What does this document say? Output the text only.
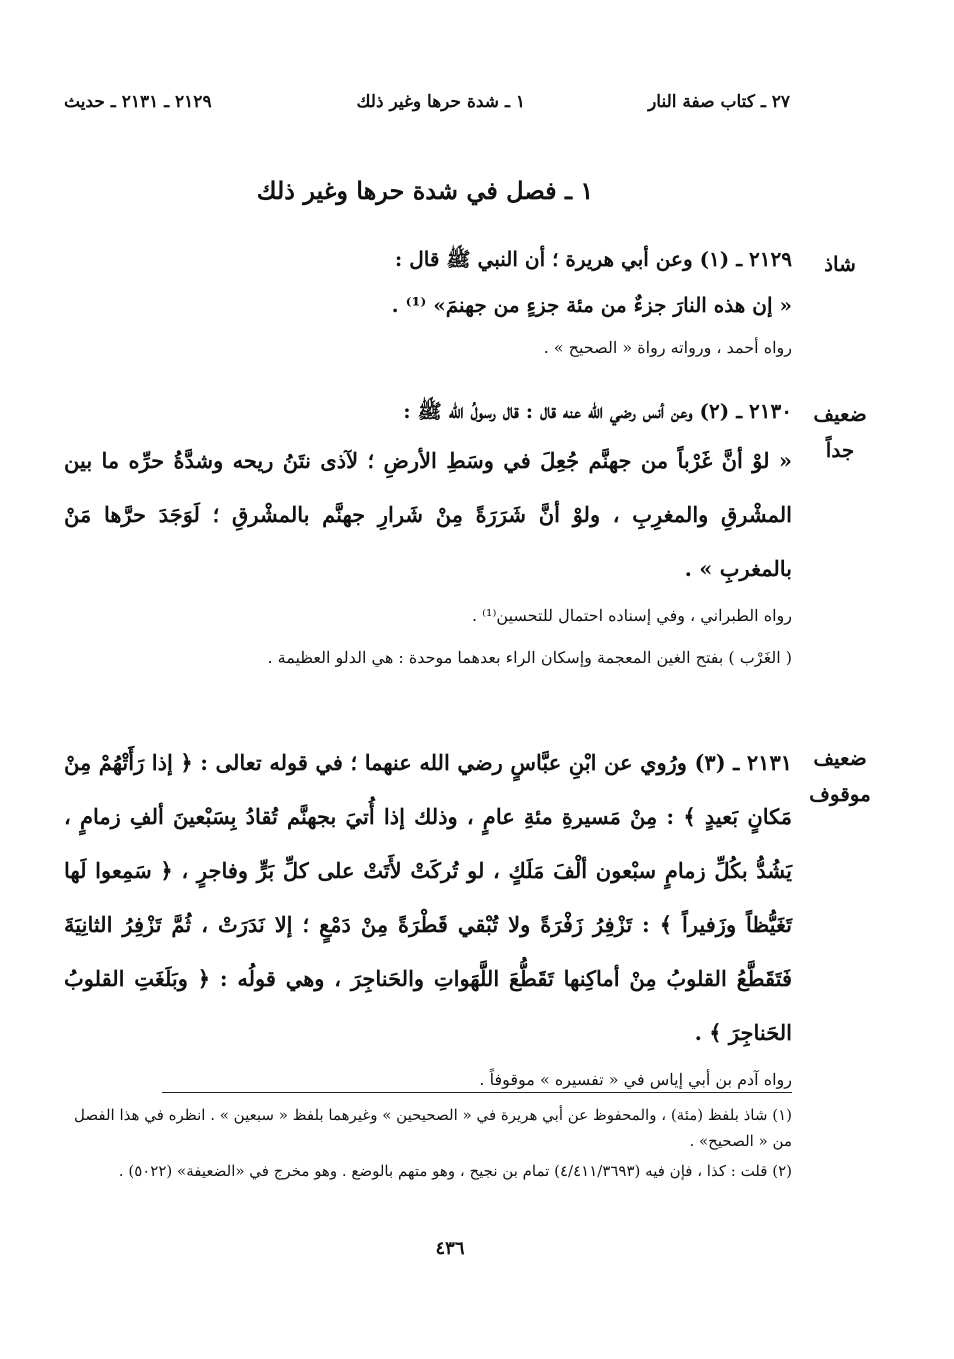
٢٧ ـ كتاب صفة النار
١ ـ شدة حرها وغير ذلك
٢١٢٩ ـ ٢١٣١ ـ حديث
١ ـ فصل في شدة حرها وغير ذلك
شاذ

٢١٢٩ ـ (١) وعن أبي هريرة ؛ أن النبي ﷺ قال :

« إن هذه النارَ جزءٌ من مئة جزءٍ من جهنمَ» ⁽¹⁾ .

رواه أحمد ، ورواته رواة « الصحيح » .

ضعيف
جداً

٢١٣٠ ـ (٢) وعن أنس رضي الله عنه قال : قال رسولُ الله ﷺ :

« لوْ أنَّ غَرْباً من جهنَّم جُعِلَ في وسَطِ الأرضِ ؛ لآذى نتَنُ ريحه وشدَّةُ حرِّه ما بين المشْرقِ والمغرِبِ ، ولوْ أنَّ شَرَرَةً مِنْ شَرارِ جهنَّم بالمشْرقِ ؛ لَوَجَدَ حرَّها مَنْ بالمغربِ » .

رواه الطبراني ، وفي إسناده احتمال للتحسين⁽¹⁾ .

( الغَرْب ) بفتح الغين المعجمة وإسكان الراء بعدهما موحدة : هي الدلو العظيمة .

ضعيف
موقوف

٢١٣١ ـ (٣) ورُوي عن ابْنِ عبَّاسٍ رضي الله عنهما ؛ في قوله تعالى : ﴿ إذا رَأَتْهُمْ مِنْ مَكانٍ بَعيدٍ ﴾ : مِنْ مَسيرةِ مئةِ عامٍ ، وذلك إذا أُتيَ بجهنَّم تُقادُ بِسَبْعينَ ألفِ زمامٍ ، يَشُدُّ بكُلِّ زمامٍ سبْعون ألْفَ مَلَكٍ ، لو تُركَتْ لأَتَتْ على كلِّ بَرٍّ وفاجرٍ ، ﴿ سَمِعوا لَها تَغَيُّظاً وزَفيراً ﴾ : تَزْفِرُ زَفْرَةً ولا تُبْقي قَطْرَةً مِنْ دَمْعٍ ؛ إلا نَدَرَتْ ، ثُمَّ تَزْفِرُ الثانِيَةَ فَتَقَطَّعُ القلوبُ مِنْ أماكِنها تَقَطُّعَ اللَّهَواتِ والحَناجِرَ ، وهي قولُه : ﴿ وبَلَغَتِ القلوبُ الحَناجِرَ ﴾ .

رواه آدم بن أبي إياس في « تفسيره » موقوفاً .

(١) شاذ بلفظ (مئة) ، والمحفوظ عن أبي هريرة في « الصحيحين » وغيرهما بلفظ « سبعين » . انظره في هذا الفصل من « الصحيح» .

(٢) قلت : كذا ، فإن فيه (٤/٤١١/٣٦٩٣) تمام بن نجيح ، وهو متهم بالوضع . وهو مخرج في «الضعيفة» (٥٠٢٢) .

٤٣٦
